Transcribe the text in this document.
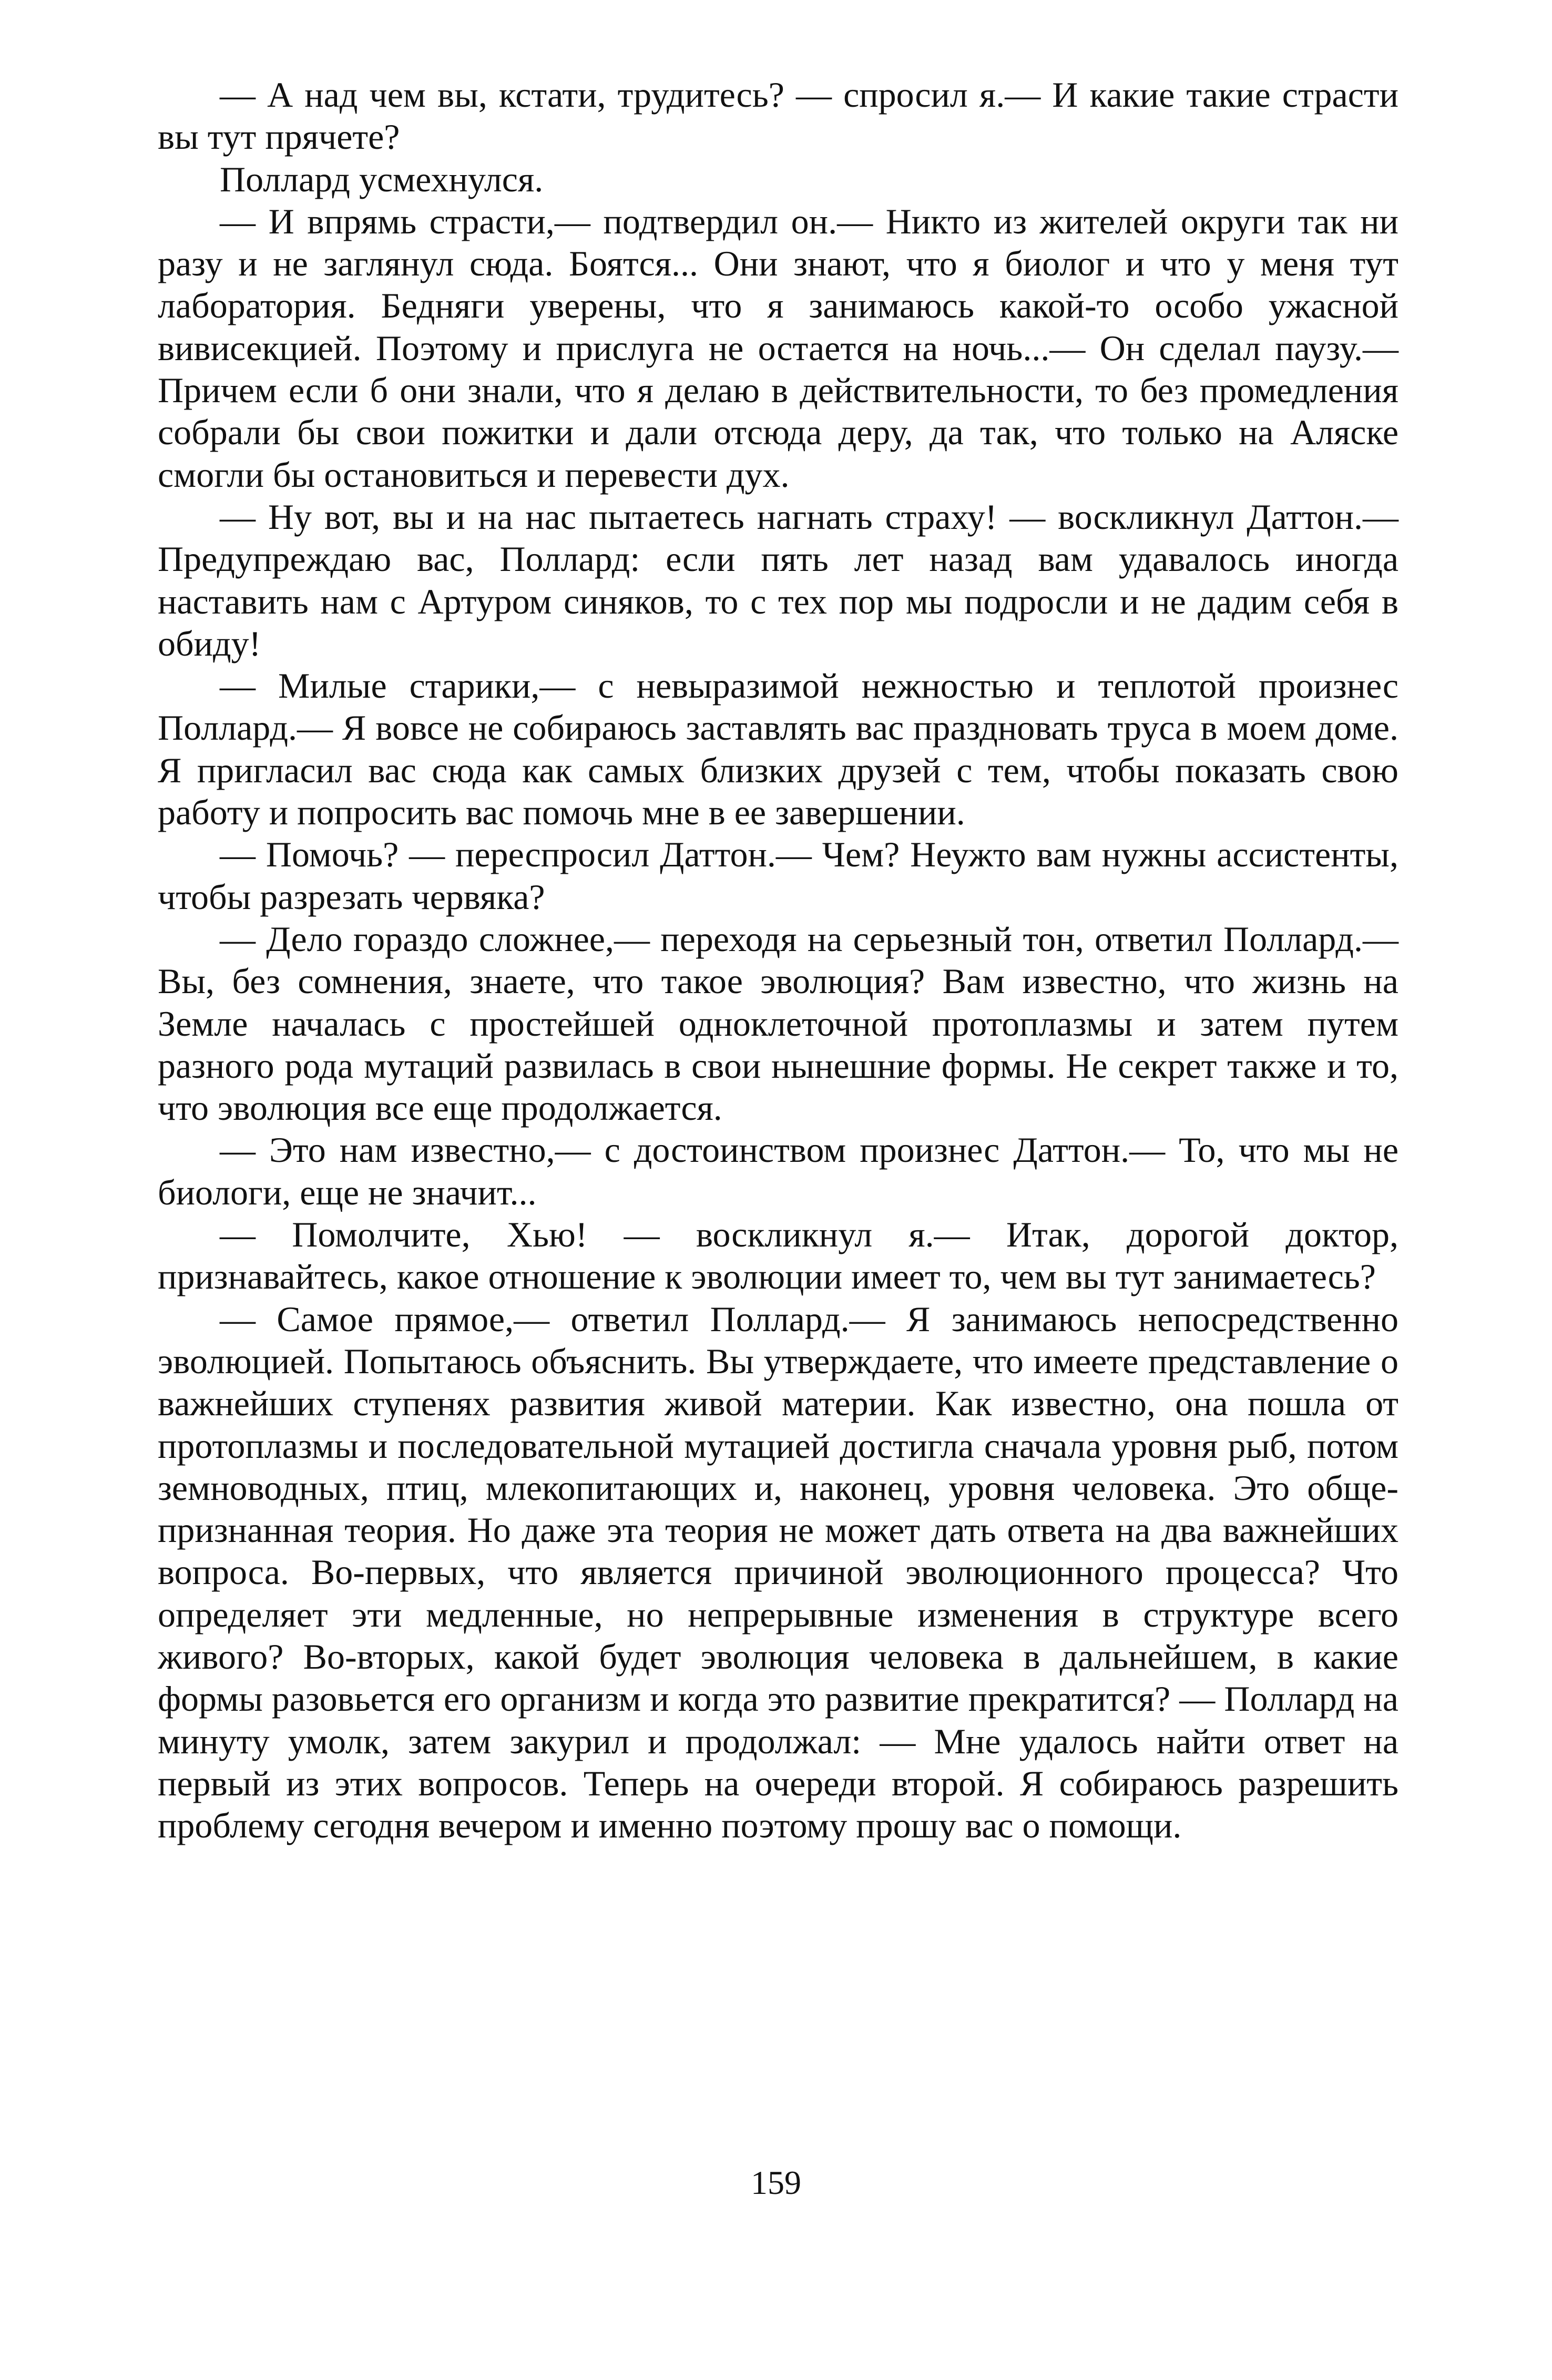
— А над чем вы, кстати, трудитесь? — спросил я.— И какие такие страсти вы тут прячете?

Поллард усмехнулся.

— И впрямь страсти,— подтвердил он.— Никто из жителей округи так ни разу и не заглянул сюда. Боятся... Они знают, что я биолог и что у меня тут лаборатория. Бедняги уверены, что я занимаюсь какой-то особо ужасной вивисекцией. Поэтому и прислуга не остается на ночь...— Он сделал паузу.— Причем если б они знали, что я делаю в действительности, то без промедления собрали бы свои пожитки и дали отсюда деру, да так, что только на Аляске смогли бы остановиться и перевести дух.

— Ну вот, вы и на нас пытаетесь нагнать страху! — воскликнул Даттон.— Предупреждаю вас, Поллард: если пять лет назад вам удавалось иногда наставить нам с Артуром синяков, то с тех пор мы подросли и не дадим себя в обиду!

— Милые старики,— с невыразимой нежностью и теплотой произнес Поллард.— Я вовсе не собираюсь заставлять вас праздновать труса в моем доме. Я пригласил вас сюда как самых близких друзей с тем, чтобы показать свою работу и попросить вас помочь мне в ее завершении.

— Помочь? — переспросил Даттон.— Чем? Неужто вам нужны ассистенты, чтобы разрезать червяка?

— Дело гораздо сложнее,— переходя на серьезный тон, ответил Поллард.— Вы, без сомнения, знаете, что такое эволюция? Вам известно, что жизнь на Земле началась с простейшей одноклеточной протоплазмы и затем путем разного рода мутаций развилась в свои нынешние формы. Не секрет также и то, что эволюция все еще продолжается.

— Это нам известно,— с достоинством произнес Даттон.— То, что мы не биологи, еще не значит...

— Помолчите, Хью! — воскликнул я.— Итак, дорогой доктор, признавайтесь, какое отношение к эволюции имеет то, чем вы тут занимаетесь?

— Самое прямое,— ответил Поллард.— Я занимаюсь непосредственно эволюцией. Попытаюсь объяснить. Вы утверждаете, что имеете представление о важнейших ступенях развития живой материи. Как известно, она пошла от протоплазмы и последовательной мутацией достигла сначала уровня рыб, потом земноводных, птиц, млекопитающих и, наконец, уровня человека. Это общепризнанная теория. Но даже эта теория не может дать ответа на два важнейших вопроса. Во-первых, что является причиной эволюционного процесса? Что определяет эти медленные, но непрерывные изменения в структуре всего живого? Во-вторых, какой будет эволюция человека в дальнейшем, в какие формы разовьется его организм и когда это развитие прекратится? — Поллард на минуту умолк, затем закурил и продолжал: — Мне удалось найти ответ на первый из этих вопросов. Теперь на очереди второй. Я собираюсь разрешить проблему сегодня вечером и именно поэтому прошу вас о помощи.

159
